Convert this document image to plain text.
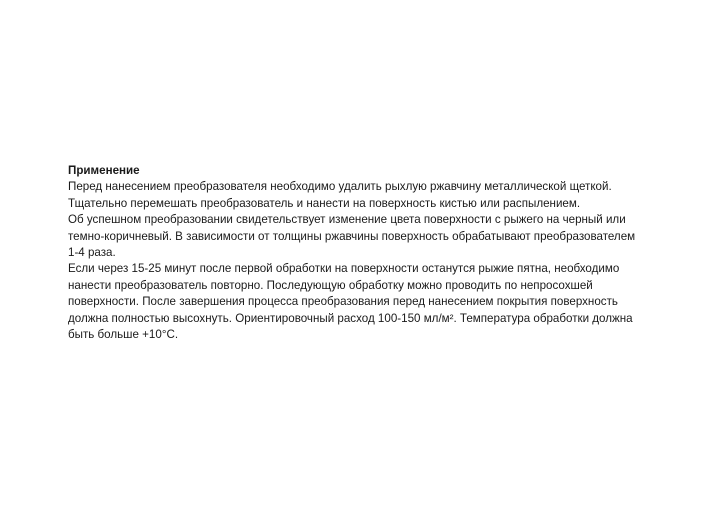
Применение

Перед нанесением преобразователя необходимо удалить рыхлую ржавчину металлической щеткой.

Тщательно перемешать преобразователь и нанести на поверхность кистью или распылением.

Об успешном преобразовании свидетельствует изменение цвета поверхности с рыжего на черный или
темно-коричневый. В зависимости от толщины ржавчины поверхность обрабатывают преобразователем
1-4 раза.

Если через 15-25 минут после первой обработки на поверхности останутся рыжие пятна, необходимо
нанести преобразователь повторно. Последующую обработку можно проводить по непросохшей
поверхности. После завершения процесса преобразования перед нанесением покрытия поверхность
должна полностью высохнуть. Ориентировочный расход 100-150 мл/м². Температура обработки должна
быть больше +10°C.
